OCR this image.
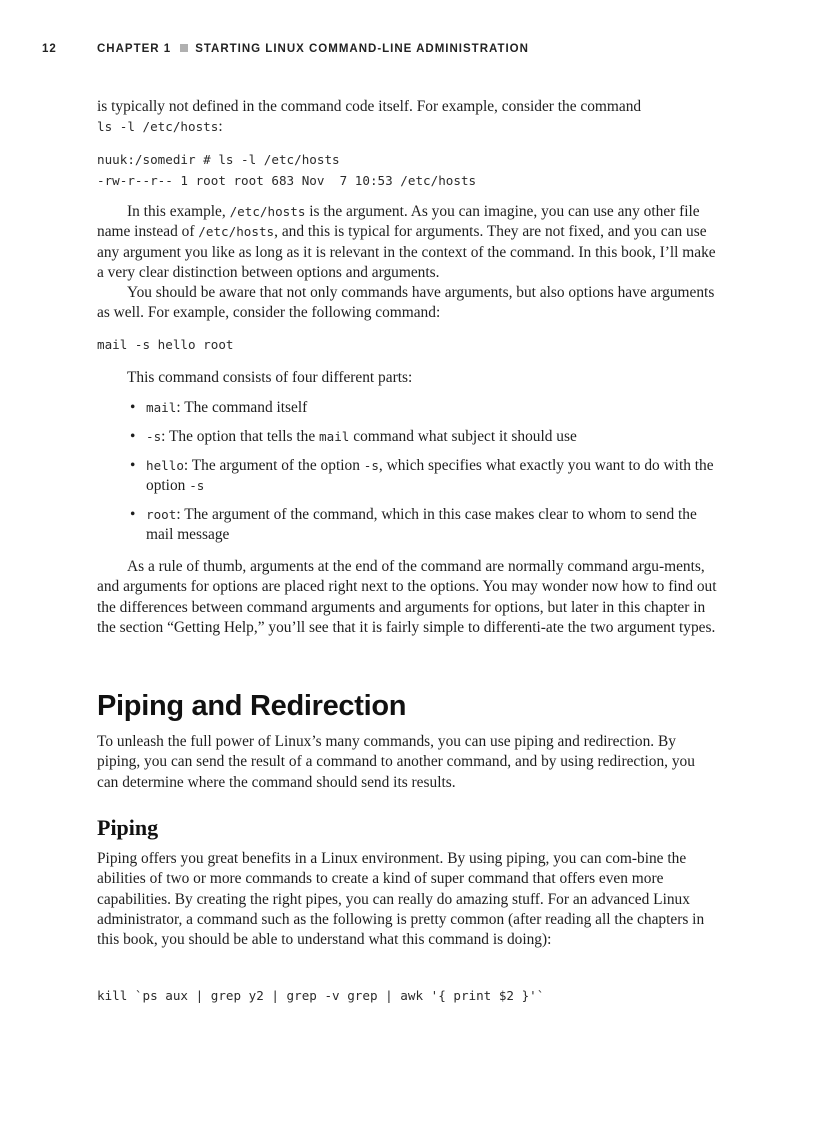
12	CHAPTER 1 STARTING LINUX COMMAND-LINE ADMINISTRATION

is typically not defined in the command code itself. For example, consider the command
ls -l /etc/hosts:

nuuk:/somedir # ls -l /etc/hosts
-rw-r--r-- 1 root root 683 Nov  7 10:53 /etc/hosts

In this example, /etc/hosts is the argument. As you can imagine, you can use any other file name instead of /etc/hosts, and this is typical for arguments. They are not fixed, and you can use any argument you like as long as it is relevant in the context of the command. In this book, I’ll make a very clear distinction between options and arguments.

You should be aware that not only commands have arguments, but also options have arguments as well. For example, consider the following command:

mail -s hello root
This command consists of four different parts:
• mail: The command itself
• -s: The option that tells the mail command what subject it should use
• hello: The argument of the option -s, which specifies what exactly you want to do with the option -s
• root: The argument of the command, which in this case makes clear to whom to send the mail message

As a rule of thumb, arguments at the end of the command are normally command argu-ments, and arguments for options are placed right next to the options. You may wonder now how to find out the differences between command arguments and arguments for options, but later in this chapter in the section “Getting Help,” you’ll see that it is fairly simple to differenti-ate the two argument types.

Piping and Redirection
To unleash the full power of Linux’s many commands, you can use piping and redirection. By piping, you can send the result of a command to another command, and by using redirection, you can determine where the command should send its results.
Piping
Piping offers you great benefits in a Linux environment. By using piping, you can com-bine the abilities of two or more commands to create a kind of super command that offers even more capabilities. By creating the right pipes, you can really do amazing stuff. For an advanced Linux administrator, a command such as the following is pretty common (after reading all the chapters in this book, you should be able to understand what this command is doing):
kill `ps aux | grep y2 | grep -v grep | awk '{ print $2 }'`
